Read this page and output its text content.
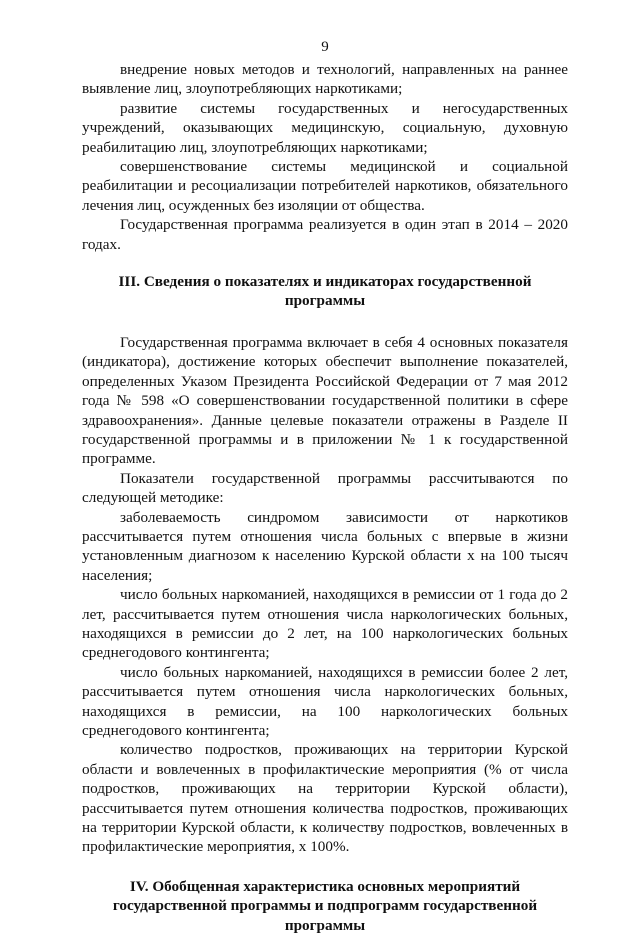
9

внедрение новых методов и технологий, направленных на раннее выявление лиц, злоупотребляющих наркотиками;

развитие системы государственных и негосударственных учреждений, оказывающих медицинскую, социальную, духовную реабилитацию лиц, злоупотребляющих наркотиками;

совершенствование системы медицинской и социальной реабилитации и ресоциализации потребителей наркотиков, обязательного лечения лиц, осужденных без изоляции от общества.

Государственная программа реализуется в один этап в 2014 – 2020 годах.

III. Сведения о показателях и индикаторах государственной программы

Государственная программа включает в себя 4 основных показателя (индикатора), достижение которых обеспечит выполнение показателей, определенных Указом Президента Российской Федерации от 7 мая 2012 года № 598 «О совершенствовании государственной политики в сфере здравоохранения». Данные целевые показатели отражены в Разделе II государственной программы и в приложении № 1 к государственной программе.

Показатели государственной программы рассчитываются по следующей методике:

заболеваемость синдромом зависимости от наркотиков рассчитывается путем отношения числа больных с впервые в жизни установленным диагнозом к населению Курской области х на 100 тысяч населения;

число больных наркоманией, находящихся в ремиссии от 1 года до 2 лет, рассчитывается путем отношения числа наркологических больных, находящихся в ремиссии до 2 лет, на 100 наркологических больных среднегодового контингента;

число больных наркоманией, находящихся в ремиссии более 2 лет, рассчитывается путем отношения числа наркологических больных, находящихся в ремиссии, на 100 наркологических больных среднегодового контингента;

количество подростков, проживающих на территории Курской области и вовлеченных в профилактические мероприятия (% от числа подростков, проживающих на территории Курской области), рассчитывается путем отношения количества подростков, проживающих на территории Курской области, к количеству подростков, вовлеченных в профилактические мероприятия, х 100%.

IV. Обобщенная характеристика основных мероприятий государственной программы и подпрограмм государственной программы
